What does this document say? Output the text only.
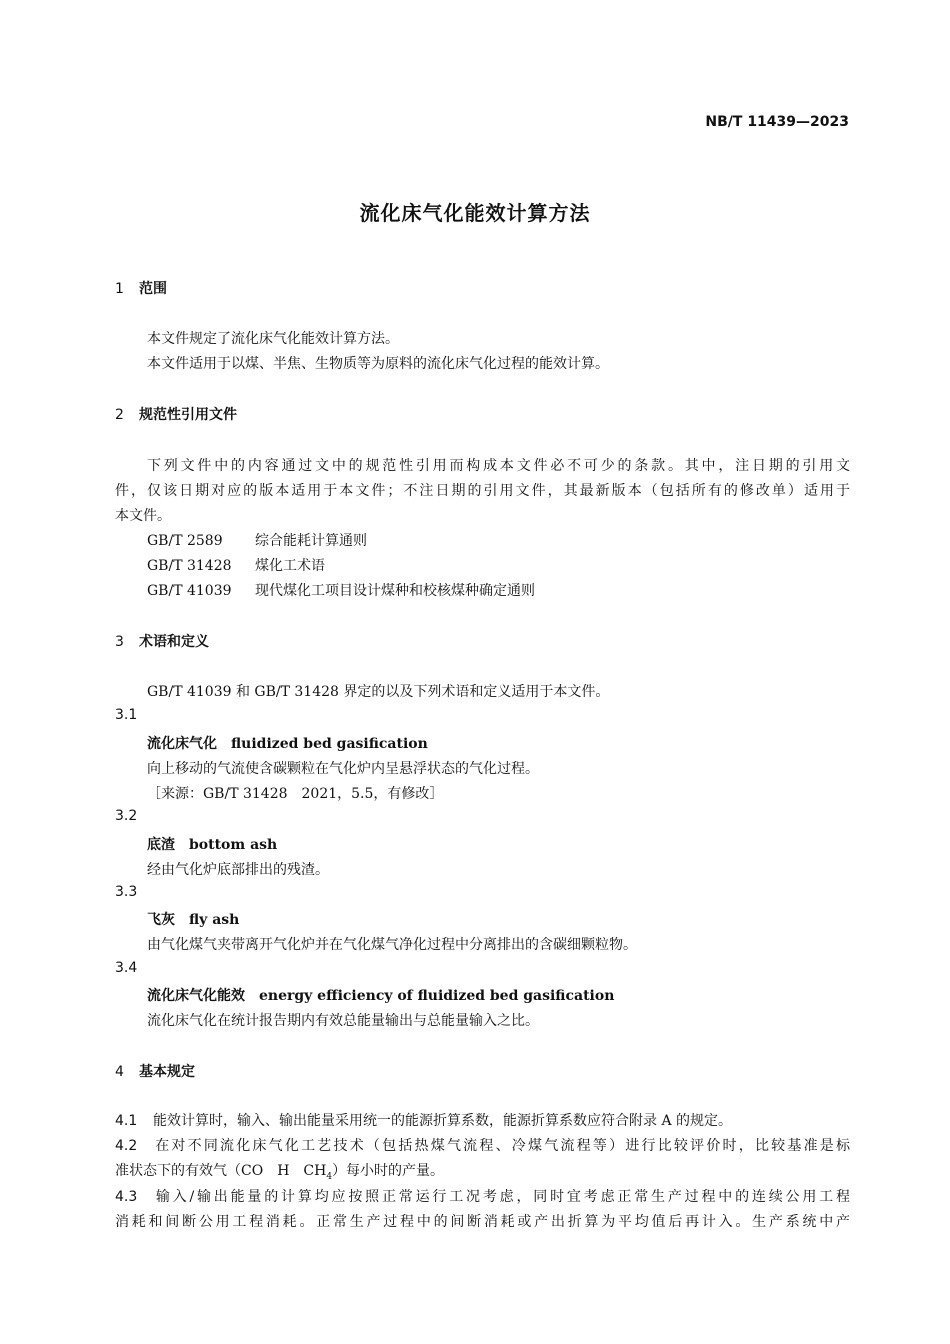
NB/T 11439—2023
流化床气化能效计算方法
1 范围
本文件规定了流化床气化能效计算方法。
本文件适用于以煤、半焦、生物质等为原料的流化床气化过程的能效计算。
2 规范性引用文件
下列文件中的内容通过文中的规范性引用而构成本文件必不可少的条款。其中，注日期的引用文
件，仅该日期对应的版本适用于本文件；不注日期的引用文件，其最新版本（包括所有的修改单）适用于
本文件。
GB/T 2589 综合能耗计算通则
GB/T 31428 煤化工术语
GB/T 41039 现代煤化工项目设计煤种和校核煤种确定通则
3 术语和定义
GB/T 41039 和 GB/T 31428 界定的以及下列术语和定义适用于本文件。
3.1
流化床气化 fluidized bed gasification
向上移动的气流使含碳颗粒在气化炉内呈悬浮状态的气化过程。
［来源：GB/T 31428　2021，5.5，有修改］
3.2
底渣 bottom ash
经由气化炉底部排出的残渣。
3.3
飞灰 fly ash
由气化煤气夹带离开气化炉并在气化煤气净化过程中分离排出的含碳细颗粒物。
3.4
流化床气化能效 energy efficiency of fluidized bed gasification
流化床气化在统计报告期内有效总能量输出与总能量输入之比。
4 基本规定
4.1 能效计算时，输入、输出能量采用统一的能源折算系数，能源折算系数应符合附录 A 的规定。
4.2 在对不同流化床气化工艺技术（包括热煤气流程、冷煤气流程等）进行比较评价时，比较基准是标
准状态下的有效气（CO　H　$CH_4$）每小时的产量。
4.3 输入/输出能量的计算均应按照正常运行工况考虑，同时宜考虑正常生产过程中的连续公用工程
消耗和间断公用工程消耗。正常生产过程中的间断消耗或产出折算为平均值后再计入。生产系统中产
